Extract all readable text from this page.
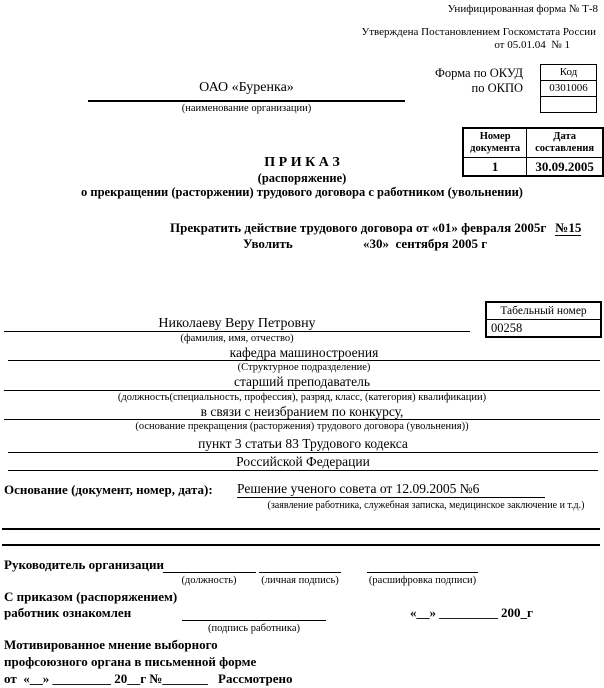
Унифицированная форма № Т-8
Утверждена Постановлением Госкомстата России
от 05.01.04  № 1
Форма по ОКУД
по ОКПО
Код
0301006
ОАО «Буренка»
(наименование организации)
Номер документа	Дата составления
1	30.09.2005
П Р И К А З
(распоряжение)
о прекращении (расторжении) трудового договора с работником (увольнении)
Прекратить действие трудового договора от «01» февраля 2005г №15
Уволить	«30»  сентября 2005 г
Табельный номер
00258
Николаеву Веру Петровну
(фамилия, имя, отчество)
кафедра машиностроения
(Структурное подразделение)
старший преподаватель
(должность(специальность, профессия), разряд, класс, (категория) квалификации)
в связи с неизбранием по конкурсу,
(основание прекращения (расторжения) трудового договора (увольнения))
пункт 3 статьи 83 Трудового кодекса
Российской Федерации
Основание (документ, номер, дата): Решение ученого совета от 12.09.2005 №6
(заявление работника, служебная записка, медицинское заключение и т.д.)
Руководитель организации
(должность)	(личная подпись)	(расшифровка подписи)
С приказом (распоряжением)
работник ознакомлен
(подпись работника)
«__» _________ 200_г
Мотивированное мнение выборного
профсоюзного органа в письменной форме
от  «__» _________ 20__г №_______ Рассмотрено
